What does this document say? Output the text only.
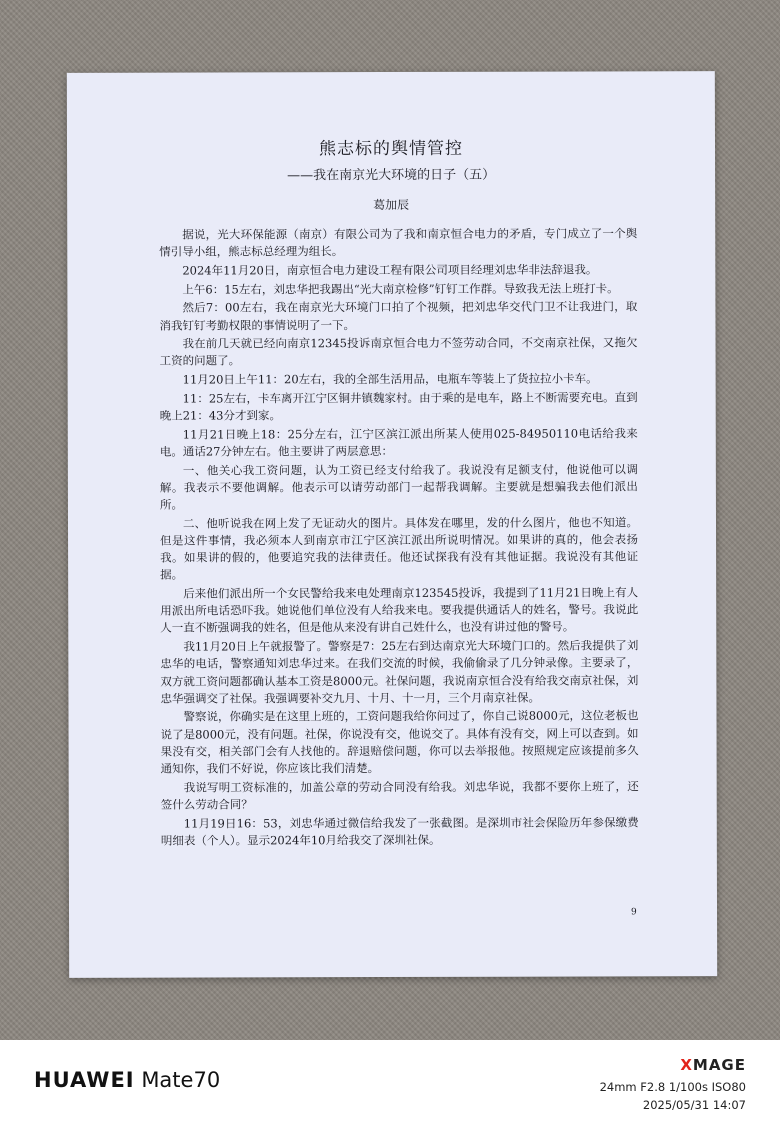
熊志标的舆情管控
——我在南京光大环境的日子（五）
葛加辰

据说，光大环保能源（南京）有限公司为了我和南京恒合电力的矛盾，专门成立了一个舆情引导小组，熊志标总经理为组长。

2024年11月20日，南京恒合电力建设工程有限公司项目经理刘忠华非法辞退我。

上午6：15左右，刘忠华把我踢出“光大南京检修”钉钉工作群。导致我无法上班打卡。

然后7：00左右，我在南京光大环境门口拍了个视频，把刘忠华交代门卫不让我进门，取消我钉钉考勤权限的事情说明了一下。

我在前几天就已经向南京12345投诉南京恒合电力不签劳动合同，不交南京社保，又拖欠工资的问题了。

11月20日上午11：20左右，我的全部生活用品，电瓶车等装上了货拉拉小卡车。

11：25左右，卡车离开江宁区铜井镇魏家村。由于乘的是电车，路上不断需要充电。直到晚上21：43分才到家。

11月21日晚上18：25分左右，江宁区滨江派出所某人使用025-84950110电话给我来电。通话27分钟左右。他主要讲了两层意思：

一、他关心我工资问题，认为工资已经支付给我了。我说没有足额支付，他说他可以调解。我表示不要他调解。他表示可以请劳动部门一起帮我调解。主要就是想骗我去他们派出所。

二、他听说我在网上发了无证动火的图片。具体发在哪里，发的什么图片，他也不知道。但是这件事情，我必须本人到南京市江宁区滨江派出所说明情况。如果讲的真的，他会表扬我。如果讲的假的，他要追究我的法律责任。他还试探我有没有其他证据。我说没有其他证据。

后来他们派出所一个女民警给我来电处理南京123545投诉，我提到了11月21日晚上有人用派出所电话恐吓我。她说他们单位没有人给我来电。要我提供通话人的姓名，警号。我说此人一直不断强调我的姓名，但是他从来没有讲自己姓什么，也没有讲过他的警号。

我11月20日上午就报警了。警察是7：25左右到达南京光大环境门口的。然后我提供了刘忠华的电话，警察通知刘忠华过来。在我们交流的时候，我偷偷录了几分钟录像。主要录了，双方就工资问题都确认基本工资是8000元。社保问题，我说南京恒合没有给我交南京社保，刘忠华强调交了社保。我强调要补交九月、十月、十一月，三个月南京社保。

警察说，你确实是在这里上班的，工资问题我给你问过了，你自己说8000元，这位老板也说了是8000元，没有问题。社保，你说没有交，他说交了。具体有没有交，网上可以查到。如果没有交，相关部门会有人找他的。辞退赔偿问题，你可以去举报他。按照规定应该提前多久通知你，我们不好说，你应该比我们清楚。

我说写明工资标准的，加盖公章的劳动合同没有给我。刘忠华说，我都不要你上班了，还签什么劳动合同？

11月19日16：53，刘忠华通过微信给我发了一张截图。是深圳市社会保险历年参保缴费明细表（个人）。显示2024年10月给我交了深圳社保。

9
HUAWEI Mate70
XMAGE
24mm F2.8 1/100s ISO80
2025/05/31 14:07
